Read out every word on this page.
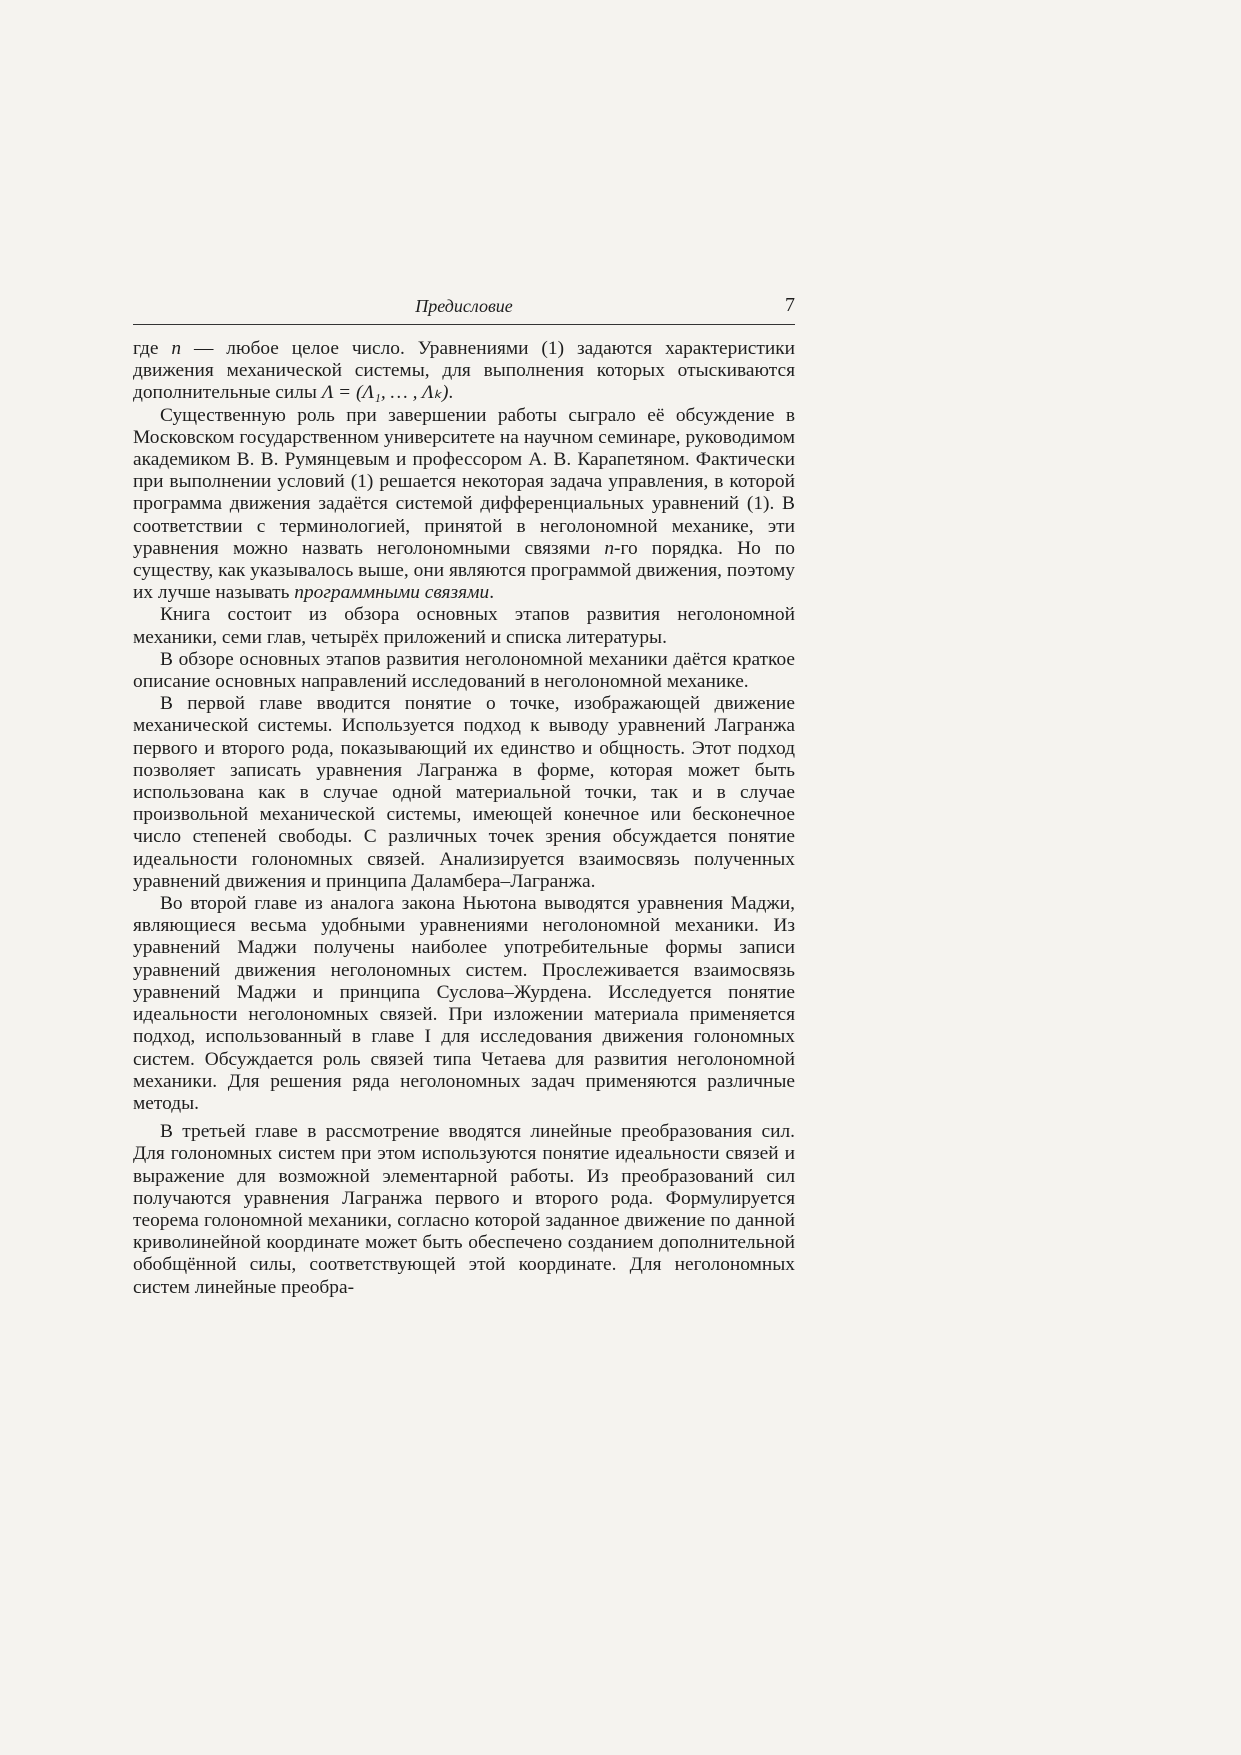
Предисловие	7

где n — любое целое число. Уравнениями (1) задаются характеристики движения механической системы, для выполнения которых отыскиваются дополнительные силы Λ = (Λ₁, … , Λₖ).

Существенную роль при завершении работы сыграло её обсуждение в Московском государственном университете на научном семинаре, руководимом академиком В. В. Румянцевым и профессором А. В. Карапетяном. Фактически при выполнении условий (1) решается некоторая задача управления, в которой программа движения задаётся системой дифференциальных уравнений (1). В соответствии с терминологией, принятой в неголономной механике, эти уравнения можно назвать неголономными связями n-го порядка. Но по существу, как указывалось выше, они являются программой движения, поэтому их лучше называть программными связями.

Книга состоит из обзора основных этапов развития неголономной механики, семи глав, четырёх приложений и списка литературы.

В обзоре основных этапов развития неголономной механики даётся краткое описание основных направлений исследований в неголономной механике.

В первой главе вводится понятие о точке, изображающей движение механической системы. Используется подход к выводу уравнений Лагранжа первого и второго рода, показывающий их единство и общность. Этот подход позволяет записать уравнения Лагранжа в форме, которая может быть использована как в случае одной материальной точки, так и в случае произвольной механической системы, имеющей конечное или бесконечное число степеней свободы. С различных точек зрения обсуждается понятие идеальности голономных связей. Анализируется взаимосвязь полученных уравнений движения и принципа Даламбера–Лагранжа.

Во второй главе из аналога закона Ньютона выводятся уравнения Маджи, являющиеся весьма удобными уравнениями неголономной механики. Из уравнений Маджи получены наиболее употребительные формы записи уравнений движения неголономных систем. Прослеживается взаимосвязь уравнений Маджи и принципа Суслова–Журдена. Исследуется понятие идеальности неголономных связей. При изложении материала применяется подход, использованный в главе I для исследования движения голономных систем. Обсуждается роль связей типа Четаева для развития неголономной механики. Для решения ряда неголономных задач применяются различные методы.

В третьей главе в рассмотрение вводятся линейные преобразования сил. Для голономных систем при этом используются понятие идеальности связей и выражение для возможной элементарной работы. Из преобразований сил получаются уравнения Лагранжа первого и второго рода. Формулируется теорема голономной механики, согласно которой заданное движение по данной криволинейной координате может быть обеспечено созданием дополнительной обобщённой силы, соответствующей этой координате. Для неголономных систем линейные преобра-
